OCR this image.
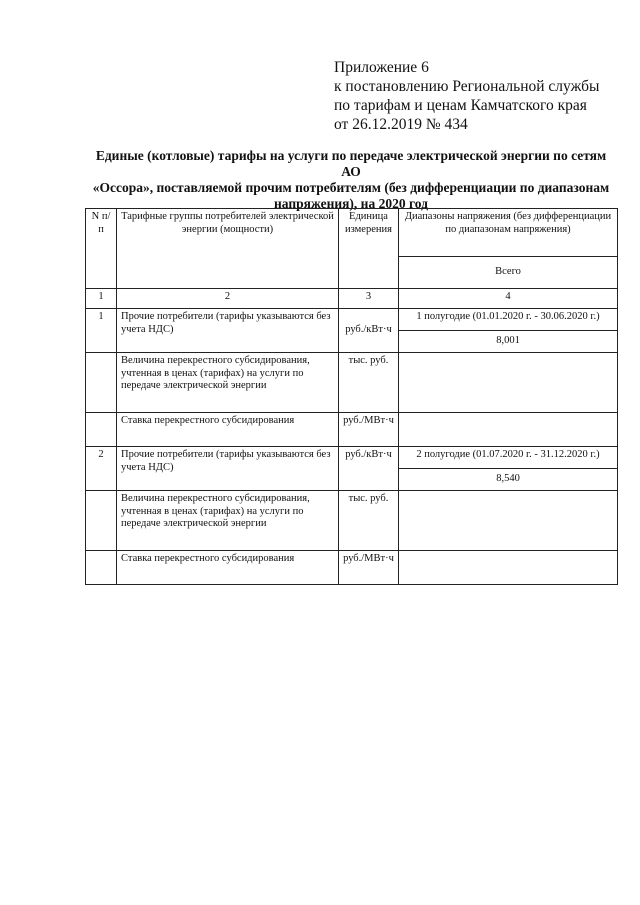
Приложение 6
к постановлению Региональной службы
по тарифам и ценам Камчатского края
от 26.12.2019 № 434
Единые (котловые) тарифы на услуги по передаче электрической энергии по сетям АО
«Оссора», поставляемой прочим потребителям (без дифференциации по диапазонам
напряжения), на 2020 год
N п/п	Тарифные группы потребителей электрической энергии (мощности)	Единица измерения	Диапазоны напряжения (без дифференциации по диапазонам напряжения)
			Всего
1	2	3	4
1	Прочие потребители (тарифы указываются без учета НДС)	руб./кВт·ч	1 полугодие (01.01.2020 г. - 30.06.2020 г.)
			8,001
	Величина перекрестного субсидирования, учтенная в ценах (тарифах) на услуги по передаче электрической энергии	тыс. руб.	
	Ставка перекрестного субсидирования	руб./МВт·ч	
2	Прочие потребители (тарифы указываются без учета НДС)	руб./кВт·ч	2 полугодие (01.07.2020 г. - 31.12.2020 г.)
			8,540
	Величина перекрестного субсидирования, учтенная в ценах (тарифах) на услуги по передаче электрической энергии	тыс. руб.	
	Ставка перекрестного субсидирования	руб./МВт·ч	
